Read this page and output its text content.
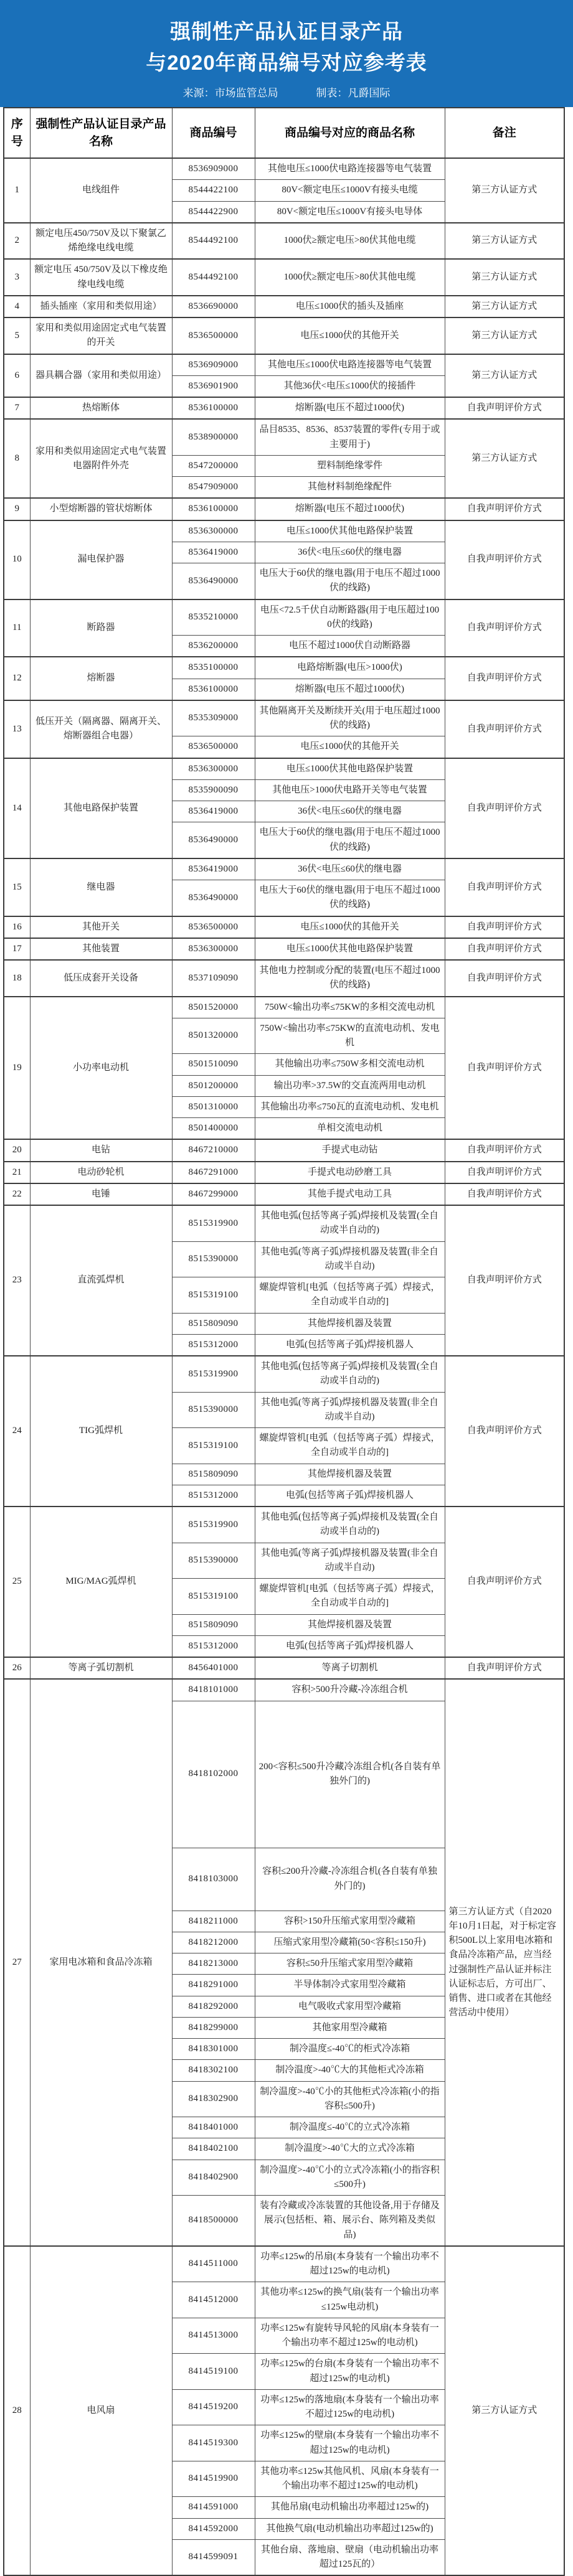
强制性产品认证目录产品
与2020年商品编号对应参考表
来源：市场监管总局	制表：凡爵国际
序号	强制性产品认证目录产品名称	商品编号	商品编号对应的商品名称	备注
1	电线组件	8536909000	其他电压≤1000伏电路连接器等电气装置	第三方认证方式
		8544422100	80V<额定电压≤1000V有接头电缆	
		8544422900	80V<额定电压≤1000V有接头电导体	
2	额定电压450/750V及以下聚氯乙烯绝缘电线电缆	8544492100	1000伏≥额定电压>80伏其他电缆	第三方认证方式
3	额定电压 450/750V及以下橡皮绝缘电线电缆	8544492100	1000伏≥额定电压>80伏其他电缆	第三方认证方式
4	插头插座（家用和类似用途）	8536690000	电压≤1000伏的插头及插座	第三方认证方式
5	家用和类似用途固定式电气装置的开关	8536500000	电压≤1000伏的其他开关	第三方认证方式
6	器具耦合器（家用和类似用途）	8536909000	其他电压≤1000伏电路连接器等电气装置	第三方认证方式
		8536901900	其他36伏<电压≤1000伏的接插件	
7	热熔断体	8536100000	熔断器(电压不超过1000伏)	自我声明评价方式
8	家用和类似用途固定式电气装置电器附件外壳	8538900000	品目8535、8536、8537装置的零件(专用于或主要用于)	第三方认证方式
		8547200000	塑料制绝缘零件	
		8547909000	其他材料制绝缘配件	
9	小型熔断器的管状熔断体	8536100000	熔断器(电压不超过1000伏)	自我声明评价方式
10	漏电保护器	8536300000	电压≤1000伏其他电路保护装置	自我声明评价方式
		8536419000	36伏<电压≤60伏的继电器	
		8536490000	电压大于60伏的继电器(用于电压不超过1000伏的线路)	
11	断路器	8535210000	电压<72.5千伏自动断路器(用于电压超过1000伏的线路)	自我声明评价方式
		8536200000	电压不超过1000伏自动断路器	
12	熔断器	8535100000	电路熔断器(电压>1000伏)	自我声明评价方式
		8536100000	熔断器(电压不超过1000伏)	
13	低压开关（隔离器、隔离开关、熔断器组合电器）	8535309000	其他隔离开关及断续开关(用于电压超过1000伏的线路)	自我声明评价方式
		8536500000	电压≤1000伏的其他开关	
14	其他电路保护装置	8536300000	电压≤1000伏其他电路保护装置	自我声明评价方式
		8535900090	其他电压>1000伏电路开关等电气装置	
		8536419000	36伏<电压≤60伏的继电器	
		8536490000	电压大于60伏的继电器(用于电压不超过1000伏的线路)	
15	继电器	8536419000	36伏<电压≤60伏的继电器	自我声明评价方式
		8536490000	电压大于60伏的继电器(用于电压不超过1000伏的线路)	
16	其他开关	8536500000	电压≤1000伏的其他开关	自我声明评价方式
17	其他装置	8536300000	电压≤1000伏其他电路保护装置	自我声明评价方式
18	低压成套开关设备	8537109090	其他电力控制或分配的装置(电压不超过1000伏的线路)	自我声明评价方式
19	小功率电动机	8501520000	750W<输出功率≤75KW的多相交流电动机	自我声明评价方式
		8501320000	750W<输出功率≤75KW的直流电动机、发电机	
		8501510090	其他输出功率≤750W多相交流电动机	
		8501200000	输出功率>37.5W的交直流两用电动机	
		8501310000	其他输出功率≤750瓦的直流电动机、发电机	
		8501400000	单相交流电动机	
20	电钻	8467210000	手提式电动钻	自我声明评价方式
21	电动砂轮机	8467291000	手提式电动砂磨工具	自我声明评价方式
22	电锤	8467299000	其他手提式电动工具	自我声明评价方式
23	直流弧焊机	8515319900	其他电弧(包括等离子弧)焊接机及装置(全自动或半自动的)	自我声明评价方式
		8515390000	其他电弧(等离子弧)焊接机器及装置(非全自动或半自动)	
		8515319100	螺旋焊管机[电弧（包括等离子弧）焊接式，全自动或半自动的]	
		8515809090	其他焊接机器及装置	
		8515312000	电弧(包括等离子弧)焊接机器人	
24	TIG弧焊机	8515319900	其他电弧(包括等离子弧)焊接机及装置(全自动或半自动的)	自我声明评价方式
		8515390000	其他电弧(等离子弧)焊接机器及装置(非全自动或半自动)	
		8515319100	螺旋焊管机[电弧（包括等离子弧）焊接式，全自动或半自动的]	
		8515809090	其他焊接机器及装置	
		8515312000	电弧(包括等离子弧)焊接机器人	
25	MIG/MAG弧焊机	8515319900	其他电弧(包括等离子弧)焊接机及装置(全自动或半自动的)	自我声明评价方式
		8515390000	其他电弧(等离子弧)焊接机器及装置(非全自动或半自动)	
		8515319100	螺旋焊管机[电弧（包括等离子弧）焊接式，全自动或半自动的]	
		8515809090	其他焊接机器及装置	
		8515312000	电弧(包括等离子弧)焊接机器人	
26	等离子弧切割机	8456401000	等离子切割机	自我声明评价方式
27	家用电冰箱和食品冷冻箱	8418101000	容积>500升冷藏-冷冻组合机	第三方认证方式（自2020年10月1日起，对于标定容积500L以上家用电冰箱和食品冷冻箱产品，应当经过强制性产品认证并标注认证标志后，方可出厂、销售、进口或者在其他经营活动中使用）
		8418102000	200<容积≤500升冷藏冷冻组合机(各自装有单独外门的)	
		8418103000	容积≤200升冷藏-冷冻组合机(各自装有单独外门的)	
		8418211000	容积>150升压缩式家用型冷藏箱	
		8418212000	压缩式家用型冷藏箱(50<容积≤150升)	
		8418213000	容积≤50升压缩式家用型冷藏箱	
		8418291000	半导体制冷式家用型冷藏箱	
		8418292000	电气吸收式家用型冷藏箱	
		8418299000	其他家用型冷藏箱	
		8418301000	制冷温度≤-40℃的柜式冷冻箱	
		8418302100	制冷温度>-40℃大的其他柜式冷冻箱	
		8418302900	制冷温度>-40℃小的其他柜式冷冻箱(小的指容积≤500升)	
		8418401000	制冷温度≤-40℃的立式冷冻箱	
		8418402100	制冷温度>-40℃大的立式冷冻箱	
		8418402900	制冷温度>-40℃小的立式冷冻箱(小的指容积≤500升)	
		8418500000	装有冷藏或冷冻装置的其他设备,用于存储及展示(包括柜、箱、展示台、陈列箱及类似品)	
28	电风扇	8414511000	功率≤125w的吊扇(本身装有一个输出功率不超过125w的电动机)	第三方认证方式
		8414512000	其他功率≤125w的换气扇(装有一个输出功率≤125w电动机)	
		8414513000	功率≤125w有旋转导风轮的风扇(本身装有一个输出功率不超过125w的电动机)	
		8414519100	功率≤125w的台扇(本身装有一个输出功率不超过125w的电动机)	
		8414519200	功率≤125w的落地扇(本身装有一个输出功率不超过125w的电动机)	
		8414519300	功率≤125w的壁扇(本身装有一个输出功率不超过125w的电动机)	
		8414519900	其他功率≤125w其他风机、风扇(本身装有一个输出功率不超过125w的电动机)	
		8414591000	其他吊扇(电动机输出功率超过125w的)	
		8414592000	其他换气扇(电动机输出功率超过125w的)	
		8414599091	其他台扇、落地扇、壁扇（电动机输出功率超过125瓦的）	
